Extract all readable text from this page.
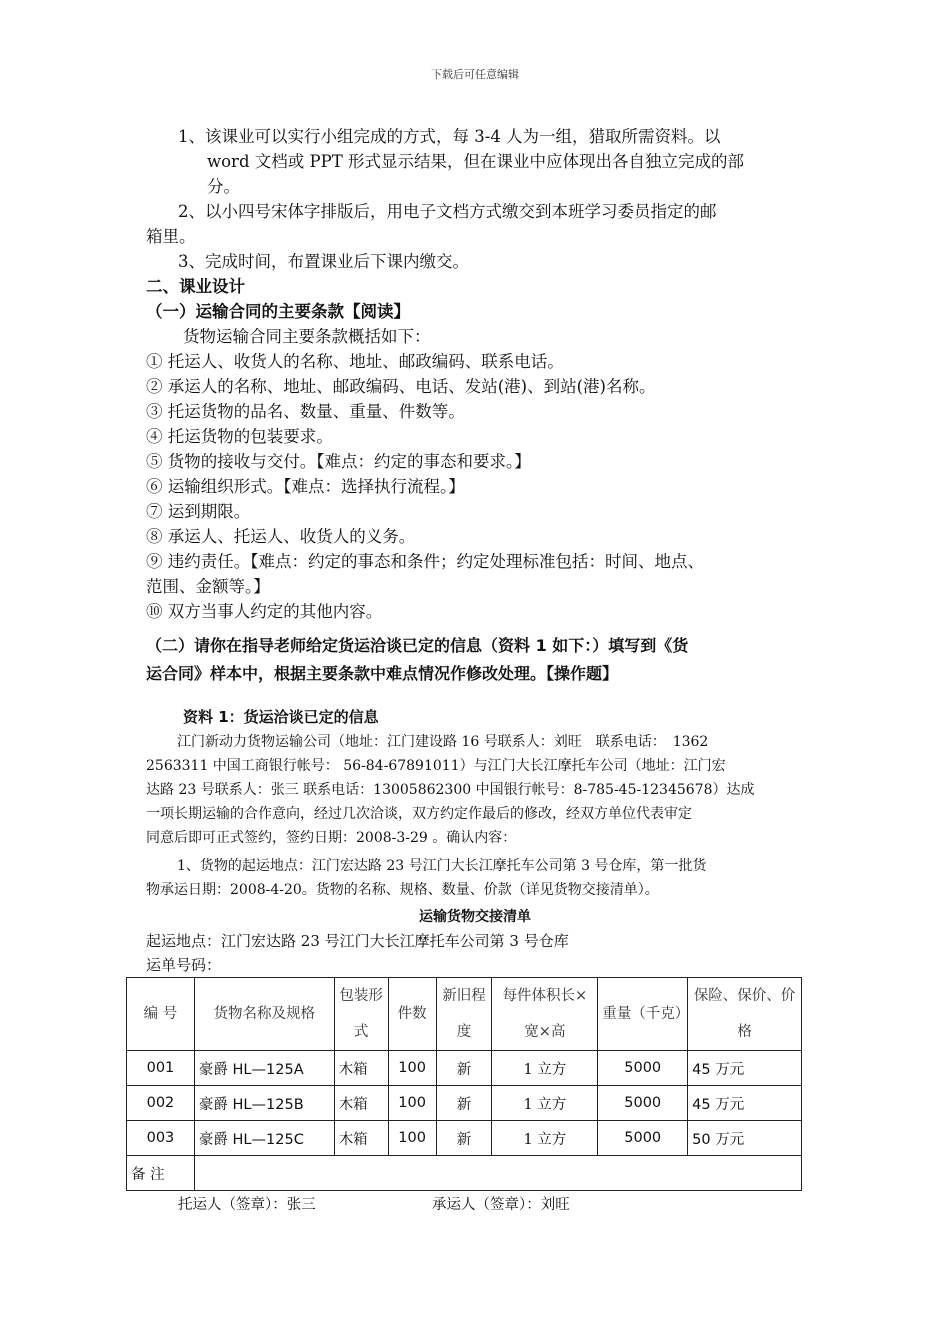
下载后可任意编辑
1、该课业可以实行小组完成的方式，每 3-4 人为一组，猎取所需资料。以
word 文档或 PPT 形式显示结果，但在课业中应体现出各自独立完成的部
分。
2、以小四号宋体字排版后，用电子文档方式缴交到本班学习委员指定的邮
箱里。
3、完成时间，布置课业后下课内缴交。
二、课业设计
（一）运输合同的主要条款【阅读】
货物运输合同主要条款概括如下：
① 托运人、收货人的名称、地址、邮政编码、联系电话。
② 承运人的名称、地址、邮政编码、电话、发站(港)、到站(港)名称。
③ 托运货物的品名、数量、重量、件数等。
④ 托运货物的包装要求。
⑤ 货物的接收与交付。【难点：约定的事态和要求。】
⑥ 运输组织形式。【难点：选择执行流程。】
⑦ 运到期限。
⑧ 承运人、托运人、收货人的义务。
⑨ 违约责任。【难点：约定的事态和条件；约定处理标准包括：时间、地点、
范围、金额等。】
⑩ 双方当事人约定的其他内容。
（二）请你在指导老师给定货运洽谈已定的信息（资料 1 如下：）填写到《货
运合同》样本中，根据主要条款中难点情况作修改处理。【操作题】
资料 1：货运洽谈已定的信息
江门新动力货物运输公司（地址：江门建设路 16 号联系人：刘旺　联系电话：　1362
2563311 中国工商银行帐号： 56-84-67891011）与江门大长江摩托车公司（地址：江门宏
达路 23 号联系人：张三 联系电话：13005862300 中国银行帐号：8-785-45-12345678）达成
一项长期运输的合作意向，经过几次洽谈，双方约定作最后的修改，经双方单位代表审定
同意后即可正式签约，签约日期：2008-3-29 。确认内容：
1、货物的起运地点：江门宏达路 23 号江门大长江摩托车公司第 3 号仓库，第一批货
物承运日期：2008-4-20。货物的名称、规格、数量、价款（详见货物交接清单）。
运输货物交接清单
起运地点：江门宏达路 23 号江门大长江摩托车公司第 3 号仓库
运单号码：
编 号	货物名称及规格	包装形式	件数	新旧程度	每件体积长×宽×高	重量（千克）	保险、保价、价格
001	豪爵 HL—125A	木箱	100	新	1 立方	5000	45 万元
002	豪爵 HL—125B	木箱	100	新	1 立方	5000	45 万元
003	豪爵 HL—125C	木箱	100	新	1 立方	5000	50 万元
备 注							
托运人（签章）：张三	承运人（签章）：刘旺
